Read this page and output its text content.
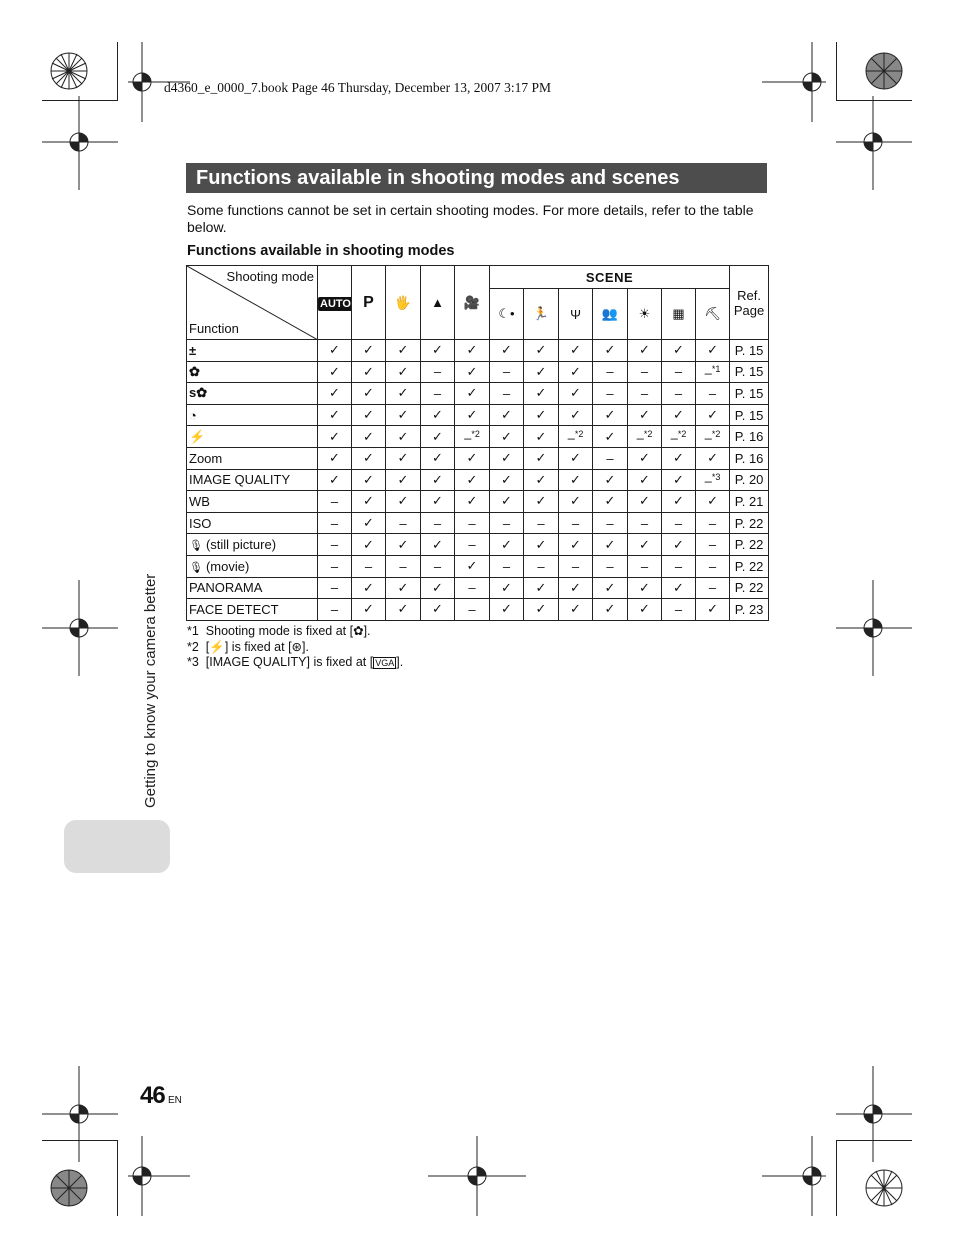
d4360_e_0000_7.book Page 46 Thursday, December 13, 2007 3:17 PM
Functions available in shooting modes and scenes
Some functions cannot be set in certain shooting modes. For more details, refer to the table below.
Functions available in shooting modes
Shooting mode
Function	AUTO	P	🖐	▲	🎥	SCENE							Ref. Page
						☾•	🏃	Ψ	👥	☀	▦	⛏	
±	✓	✓	✓	✓	✓	✓	✓	✓	✓	✓	✓	✓	P. 15
✿	✓	✓	✓	–	✓	–	✓	✓	–	–	–	–$^{*1}$	P. 15
s✿	✓	✓	✓	–	✓	–	✓	✓	–	–	–	–	P. 15
◔	✓	✓	✓	✓	✓	✓	✓	✓	✓	✓	✓	✓	P. 15
⚡	✓	✓	✓	✓	–$^{*2}$	✓	✓	–$^{*2}$	✓	–$^{*2}$	–$^{*2}$	–$^{*2}$	P. 16
Zoom	✓	✓	✓	✓	✓	✓	✓	✓	–	✓	✓	✓	P. 16
IMAGE QUALITY	✓	✓	✓	✓	✓	✓	✓	✓	✓	✓	✓	–$^{*3}$	P. 20
WB	–	✓	✓	✓	✓	✓	✓	✓	✓	✓	✓	✓	P. 21
ISO	–	✓	–	–	–	–	–	–	–	–	–	–	P. 22
🎙 (still picture)	–	✓	✓	✓	–	✓	✓	✓	✓	✓	✓	–	P. 22
🎙 (movie)	–	–	–	–	✓	–	–	–	–	–	–	–	P. 22
PANORAMA	–	✓	✓	✓	–	✓	✓	✓	✓	✓	✓	–	P. 22
FACE DETECT	–	✓	✓	✓	–	✓	✓	✓	✓	✓	–	✓	P. 23
*1 Shooting mode is fixed at [✿].
*2 [⚡] is fixed at [⊛].
*3 [IMAGE QUALITY] is fixed at [ VGA ].
Getting to know your camera better
46 EN
